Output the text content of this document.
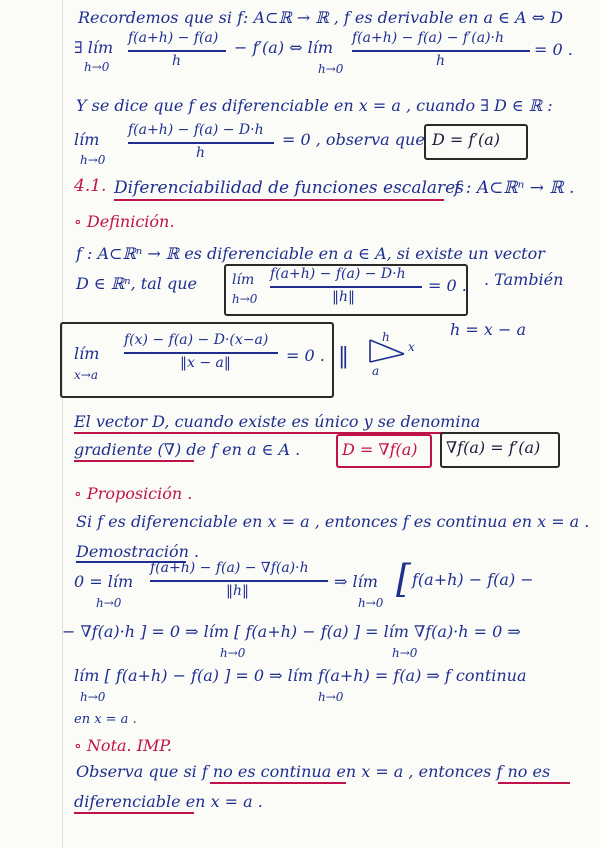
Recordemos que si f: A⊂ℝ → ℝ , f es derivable en a ∈ A ⇔ D
∃ lím
h→0
f(a+h) − f(a)
h
− f′(a) ⇔ lím
h→0
f(a+h) − f(a) − f′(a)·h
h
= 0 .
Y se dice que f es diferenciable en x = a , cuando ∃ D ∈ ℝ :
lím
h→0
f(a+h) − f(a) − D·h
h
= 0 , observa que D = f′(a)
4.1. Diferenciabilidad de funciones escalares
f : A⊂ℝⁿ → ℝ .
∘ Definición.
f : A⊂ℝⁿ → ℝ es diferenciable en a ∈ A, si existe un vector
D ∈ ℝⁿ, tal que	lím
h→0
f(a+h) − f(a) − D·h
‖h‖
= 0 . . También
lím
x→a
f(x) − f(a) − D·(x−a)
‖x − a‖	= 0 . ‖
h
x
a
h = x − a
El vector D, cuando existe es único y se denomina
gradiente (∇) de f en a ∈ A .	D = ∇f(a) ∇f(a) = f′(a)
∘ Proposición .
Si f es diferenciable en x = a , entonces f es continua en x = a .
Demostración .
0 = lím
h→0
f(a+h) − f(a) − ∇f(a)·h
‖h‖	⇒ lím
h→0
[ f(a+h) − f(a) −
− ∇f(a)·h ] = 0 ⇒ lím [ f(a+h) − f(a) ] = lím ∇f(a)·h = 0 ⇒
h→0	h→0
lím [ f(a+h) − f(a) ] = 0 ⇒ lím f(a+h) = f(a) ⇒ f continua
h→0	h→0
en x = a .
∘ Nota. IMP.
Observa que si f no es continua en x = a , entonces f no es
diferenciable en x = a .
